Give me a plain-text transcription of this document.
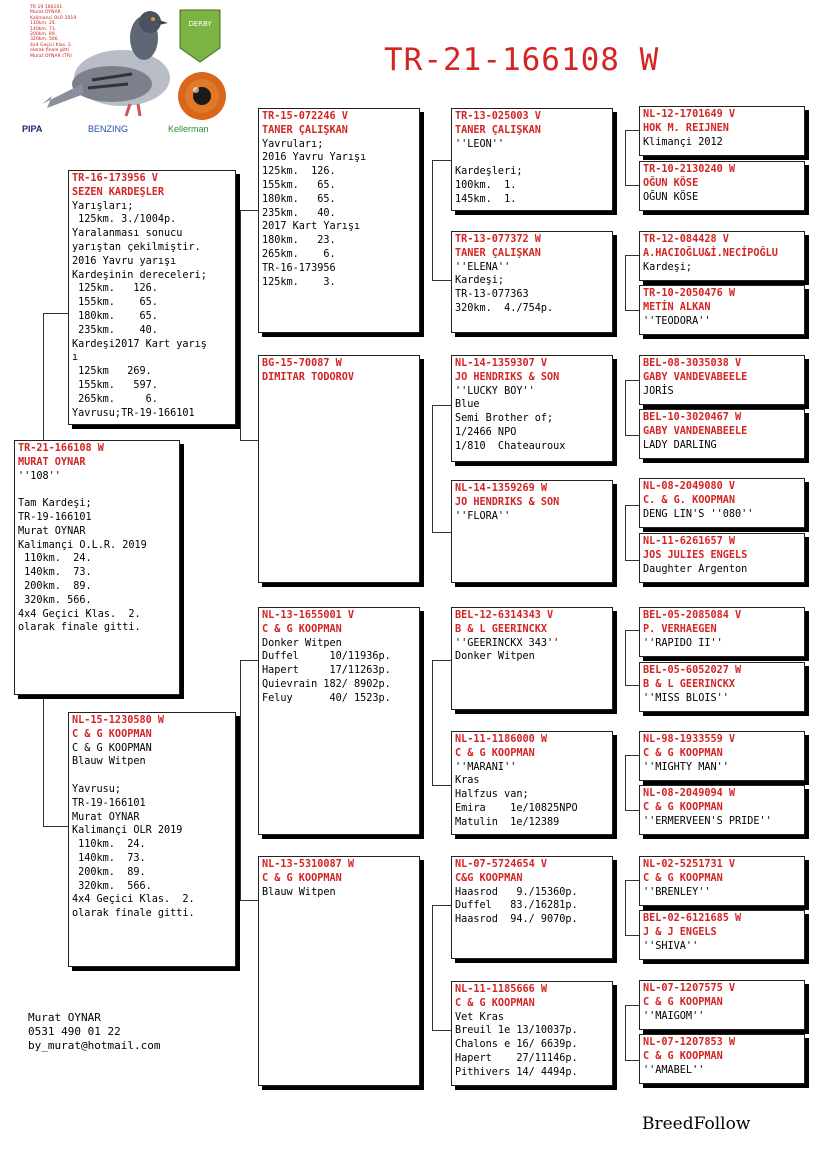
DERBY
TR 19 166101
Murat OYNAR
Kalimanci OLR 2019
110km. 24.
140km. 73.
200km. 89.
320km. 566.
4x4 Geçici Klas. 2.
olarak finale gitti
Murat OYNAR (TR)
PIPA	BENZING	Kellerman
TR-21-166108 W
TR-21-166108 W
MURAT OYNAR
''108''
Tam Kardeşi;
TR-19-166101
Murat OYNAR
Kalimançi O.L.R. 2019
110km.  24.
140km.  73.
200km.  89.
320km. 566.
4x4 Geçici Klas.  2.
olarak finale gitti.
TR-16-173956 V
SEZEN KARDEŞLER
Yarışları;
125km. 3./1004p.
Yaralanması sonucu
yarıştan çekilmiştir.
2016 Yavru yarışı
Kardeşinin dereceleri;
125km.   126.
155km.    65.
180km.    65.
235km.    40.
Kardeşi2017 Kart yarış
ı
125km   269.
155km.   597.
265km.     6.
Yavrusu;TR-19-166101
NL-15-1230580 W
C & G KOOPMAN
C & G KOOPMAN
Blauw Witpen
Yavrusu;
TR-19-166101
Murat OYNAR
Kalimançi OLR 2019
110km.  24.
140km.  73.
200km.  89.
320km.  566.
4x4 Geçici Klas.  2.
olarak finale gitti.
TR-15-072246 V
TANER ÇALIŞKAN
Yavruları;
2016 Yavru Yarışı
125km.  126.
155km.   65.
180km.   65.
235km.   40.
2017 Kart Yarışı
180km.   23.
265km.    6.
TR-16-173956
125km.    3.
BG-15-70087 W
DIMITAR TODOROV
NL-13-1655001 V
C & G KOOPMAN
Donker Witpen
Duffel     10/11936p.
Hapert     17/11263p.
Quievrain 182/ 8902p.
Feluy      40/ 1523p.
NL-13-5310087 W
C & G KOOPMAN
Blauw Witpen
TR-13-025003 V
TANER ÇALIŞKAN
''LEON''
Kardeşleri;
100km.  1.
145km.  1.
TR-13-077372 W
TANER ÇALIŞKAN
''ELENA''
Kardeşi;
TR-13-077363
320km.  4./754p.
NL-14-1359307 V
JO HENDRIKS & SON
''LUCKY BOY''
Blue
Semi Brother of;
1/2466 NPO
1/810  Chateauroux
NL-14-1359269 W
JO HENDRIKS & SON
''FLORA''
BEL-12-6314343 V
B & L GEERINCKX
''GEERINCKX 343''
Donker Witpen
NL-11-1186000 W
C & G KOOPMAN
''MARANI''
Kras
Halfzus van;
Emira    1e/10825NPO
Matulin  1e/12389
NL-07-5724654 V
C&G KOOPMAN
Haasrod   9./15360p.
Duffel   83./16281p.
Haasrod  94./ 9070p.
NL-11-1185666 W
C & G KOOPMAN
Vet Kras
Breuil 1e 13/10037p.
Chalons e 16/ 6639p.
Hapert    27/11146p.
Pithivers 14/ 4494p.
NL-12-1701649 V
HOK M. REIJNEN
Klimançi 2012
TR-10-2130240 W
OĞUN KÖSE
OĞUN KÖSE
TR-12-084428 V
A.HACIOĞLU&İ.NECİPOĞLU
Kardeşi;
TR-10-2050476 W
METİN ALKAN
''TEODORA''
BEL-08-3035038 V
GABY VANDEVABEELE
JORİS
BEL-10-3020467 W
GABY VANDENABEELE
LADY DARLING
NL-08-2049080 V
C. & G. KOOPMAN
DENG LIN'S ''080''
NL-11-6261657 W
JOS JULIES ENGELS
Daughter Argenton
BEL-05-2085084 V
P. VERHAEGEN
''RAPIDO II''
BEL-05-6052027 W
B & L GEERINCKX
''MISS BLOIS''
NL-98-1933559 V
C & G KOOPMAN
''MIGHTY MAN''
NL-08-2049094 W
C & G KOOPMAN
''ERMERVEEN'S PRIDE''
NL-02-5251731 V
C & G KOOPMAN
''BRENLEY''
BEL-02-6121685 W
J & J ENGELS
''SHIVA''
NL-07-1207575 V
C & G KOOPMAN
''MAIGOM''
NL-07-1207853 W
C & G KOOPMAN
''AMABEL''
Murat OYNAR
0531 490 01 22
by_murat@hotmail.com
BreedFollow
